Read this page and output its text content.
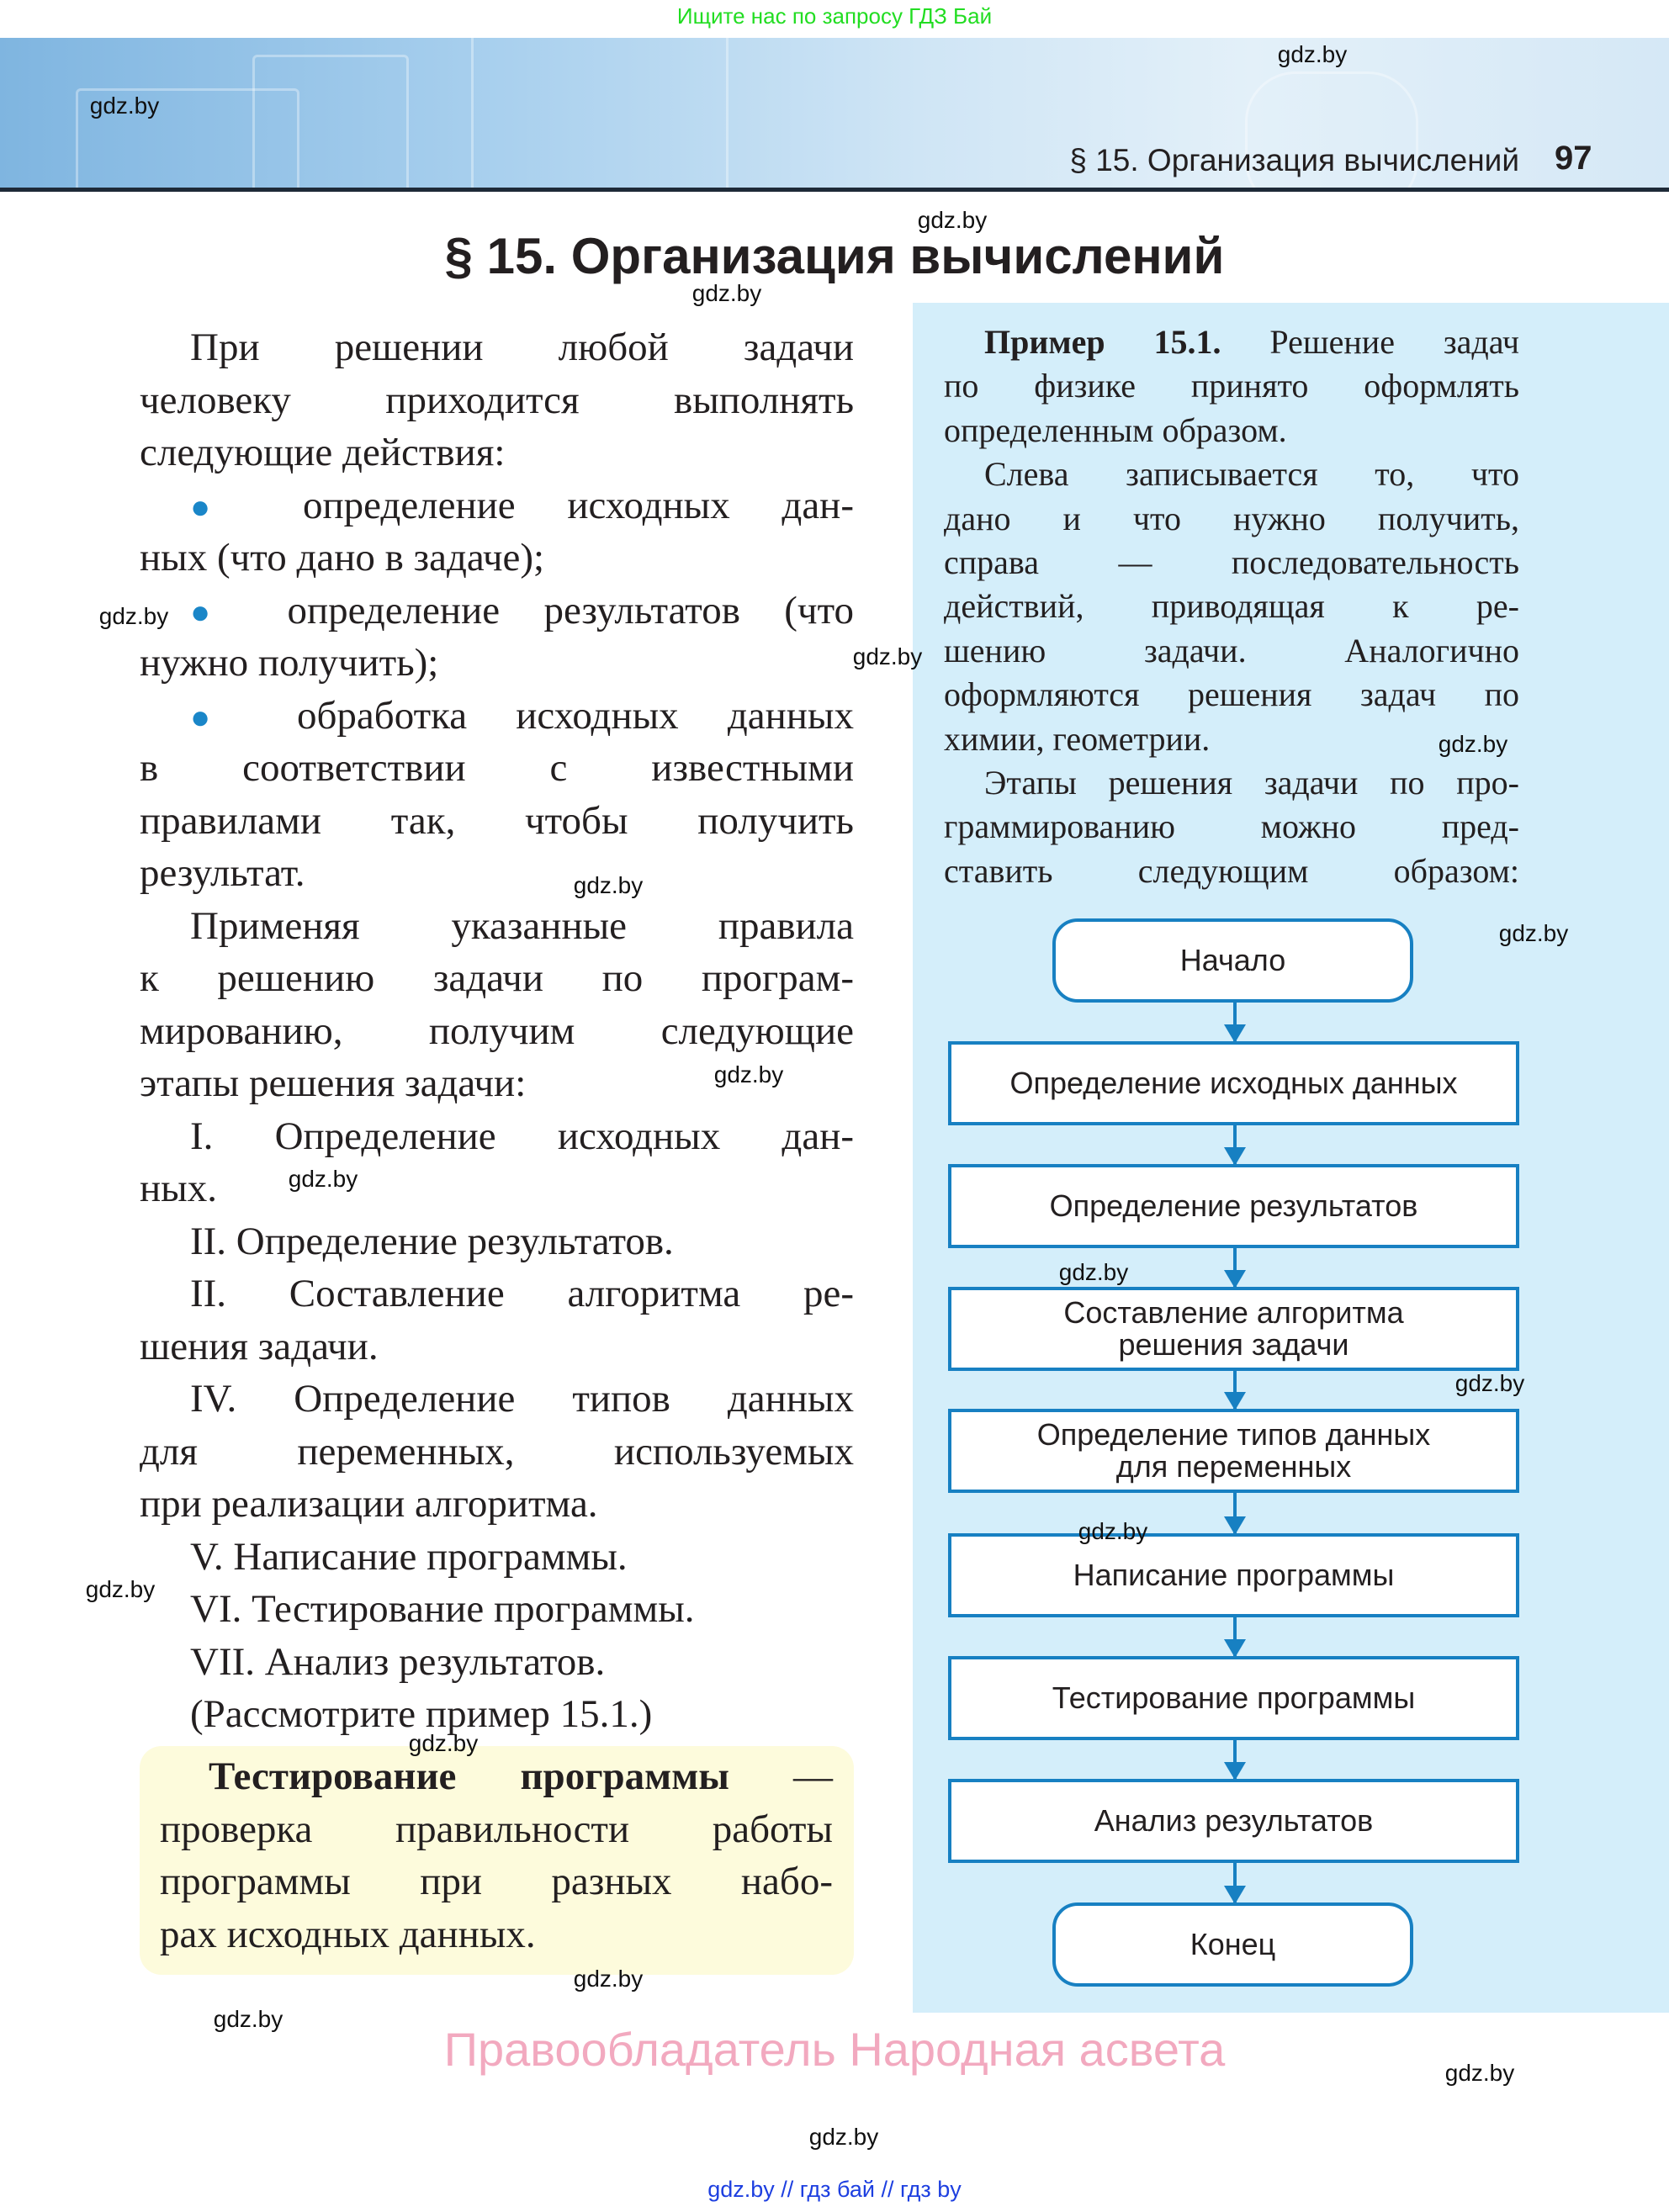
Ищите нас по запросу ГДЗ Бай
§ 15. Организация вычислений 97
§ 15. Организация вычислений
При решении любой задачи
человеку приходится выполнять
следующие действия:
● определение исходных дан-
ных (что дано в задаче);
● определение результатов (что
нужно получить);
● обработка исходных данных
в соответствии с известными
правилами так, чтобы получить
результат.
Применяя указанные правила
к решению задачи по програм-
мированию, получим следующие
этапы решения задачи:
I. Определение исходных дан-
ных.
II. Определение результатов.
II. Составление алгоритма ре-
шения задачи.
IV. Определение типов данных
для переменных, используемых
при реализации алгоритма.
V. Написание программы.
VI. Тестирование программы.
VII. Анализ результатов.
(Рассмотрите пример 15.1.)
Тестирование программы —
проверка правильности работы
программы при разных набо-
рах исходных данных.
Пример 15.1. Решение задач
по физике принято оформлять
определенным образом.
Слева записывается то, что
дано и что нужно получить,
справа — последовательность
действий, приводящая к ре-
шению задачи. Аналогично
оформляются решения задач по
химии, геометрии.
Этапы решения задачи по про-
граммированию можно пред-
ставить следующим образом:
Начало
Определение исходных данных
Определение результатов
Составление алгоритма
решения задачи
Определение типов данных
для переменных
Написание программы
Тестирование программы
Анализ результатов
Конец
gdz.by
gdz.by
gdz.by
gdz.by
gdz.by
gdz.by
gdz.by
gdz.by
gdz.by
gdz.by
gdz.by
gdz.by
gdz.by
gdz.by
gdz.by
gdz.by
gdz.by
gdz.by
gdz.by
gdz.by
Правообладатель Народная асвета
gdz.by // гдз бай // гдз by
